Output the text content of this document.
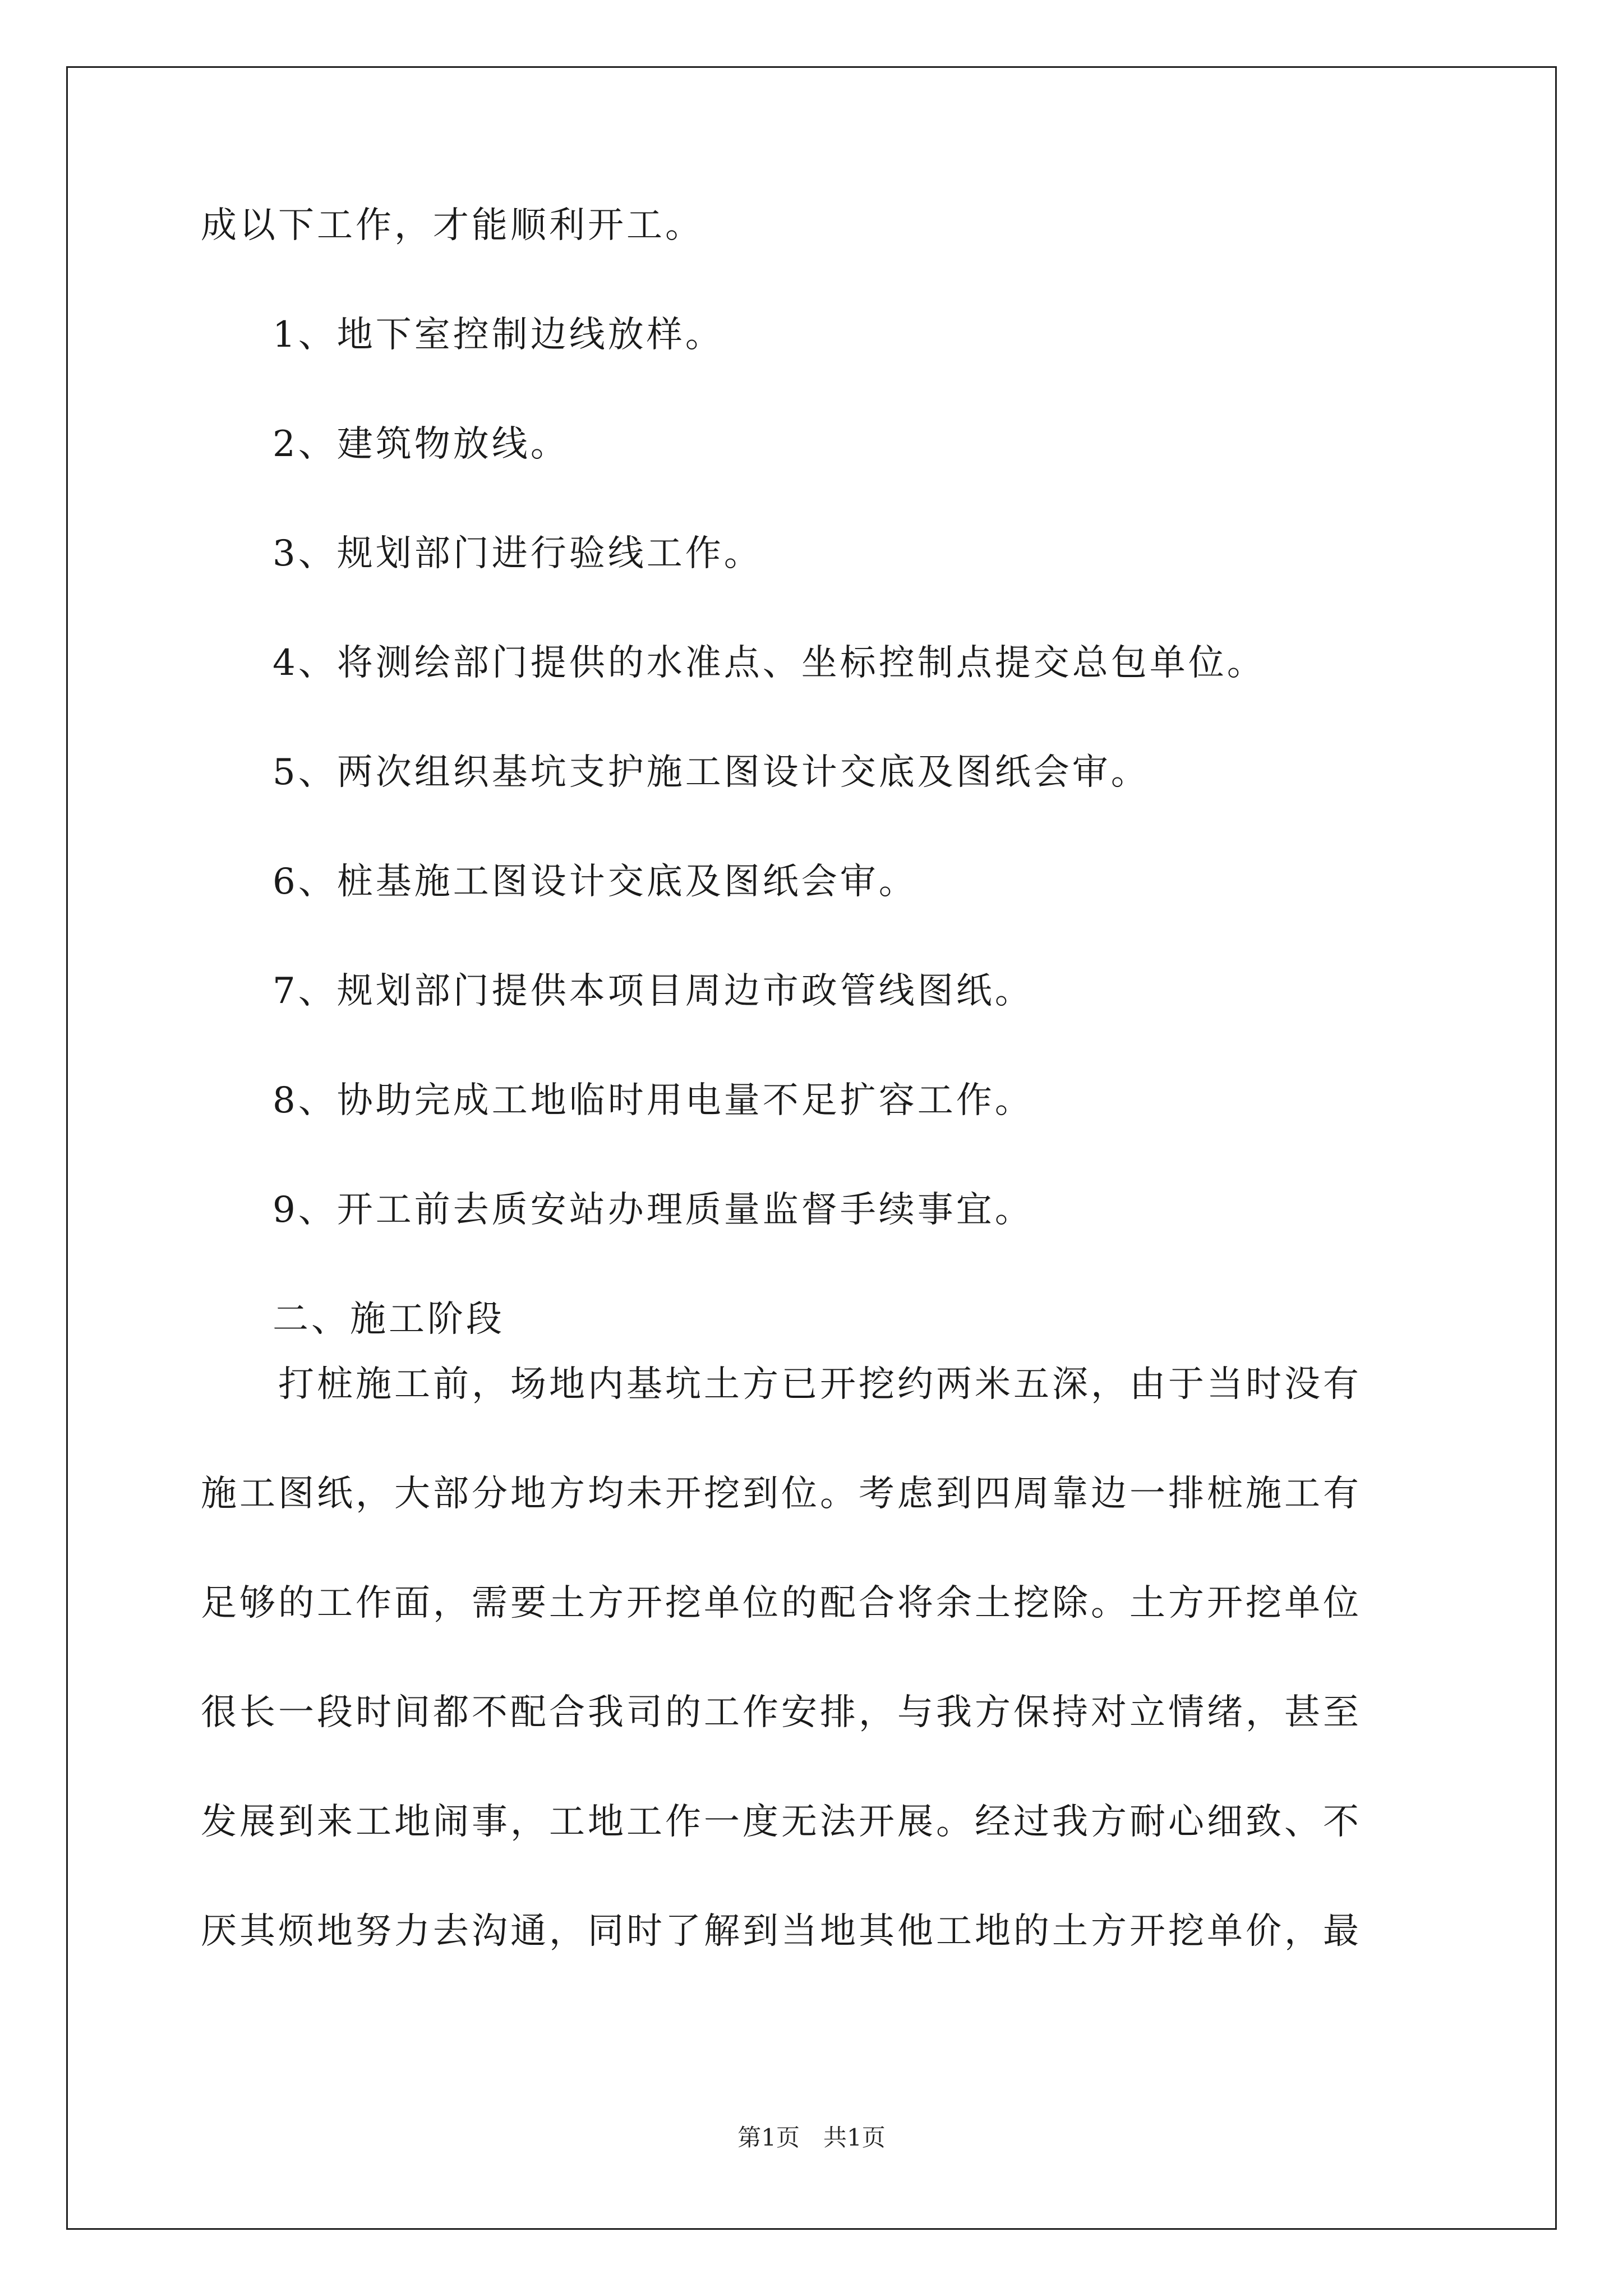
成以下工作，才能顺利开工。

1、地下室控制边线放样。

2、建筑物放线。

3、规划部门进行验线工作。

4、将测绘部门提供的水准点、坐标控制点提交总包单位。

5、两次组织基坑支护施工图设计交底及图纸会审。

6、桩基施工图设计交底及图纸会审。

7、规划部门提供本项目周边市政管线图纸。

8、协助完成工地临时用电量不足扩容工作。

9、开工前去质安站办理质量监督手续事宜。

二、施工阶段

　　打桩施工前，场地内基坑土方已开挖约两米五深，由于当时没有

施工图纸，大部分地方均未开挖到位。考虑到四周靠边一排桩施工有

足够的工作面，需要土方开挖单位的配合将余土挖除。土方开挖单位

很长一段时间都不配合我司的工作安排，与我方保持对立情绪，甚至

发展到来工地闹事，工地工作一度无法开展。经过我方耐心细致、不

厌其烦地努力去沟通，同时了解到当地其他工地的土方开挖单价，最

第1页　共1页
